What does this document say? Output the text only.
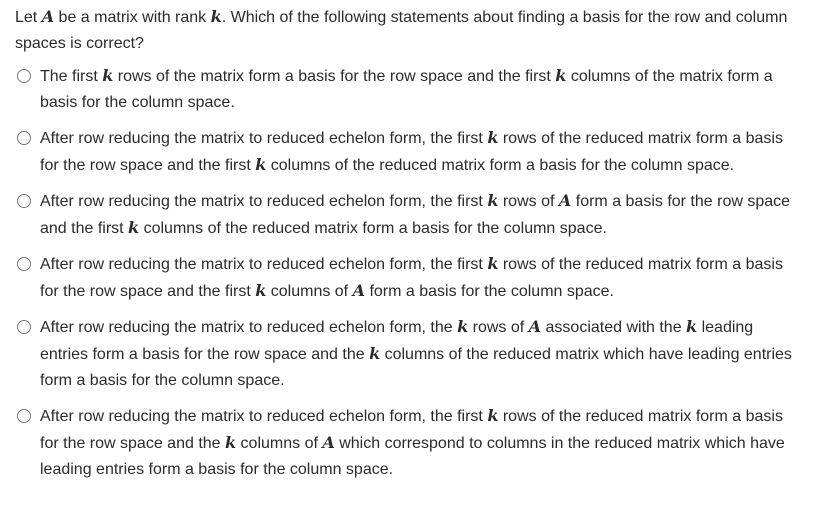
Let A be a matrix with rank k. Which of the following statements about finding a basis for the row and column spaces is correct?
The first k rows of the matrix form a basis for the row space and the first k columns of the matrix form a basis for the column space.
After row reducing the matrix to reduced echelon form, the first k rows of the reduced matrix form a basis for the row space and the first k columns of the reduced matrix form a basis for the column space.
After row reducing the matrix to reduced echelon form, the first k rows of A form a basis for the row space and the first k columns of the reduced matrix form a basis for the column space.
After row reducing the matrix to reduced echelon form, the first k rows of the reduced matrix form a basis for the row space and the first k columns of A form a basis for the column space.
After row reducing the matrix to reduced echelon form, the k rows of A associated with the k leading entries form a basis for the row space and the k columns of the reduced matrix which have leading entries form a basis for the column space.
After row reducing the matrix to reduced echelon form, the first k rows of the reduced matrix form a basis for the row space and the k columns of A which correspond to columns in the reduced matrix which have leading entries form a basis for the column space.
